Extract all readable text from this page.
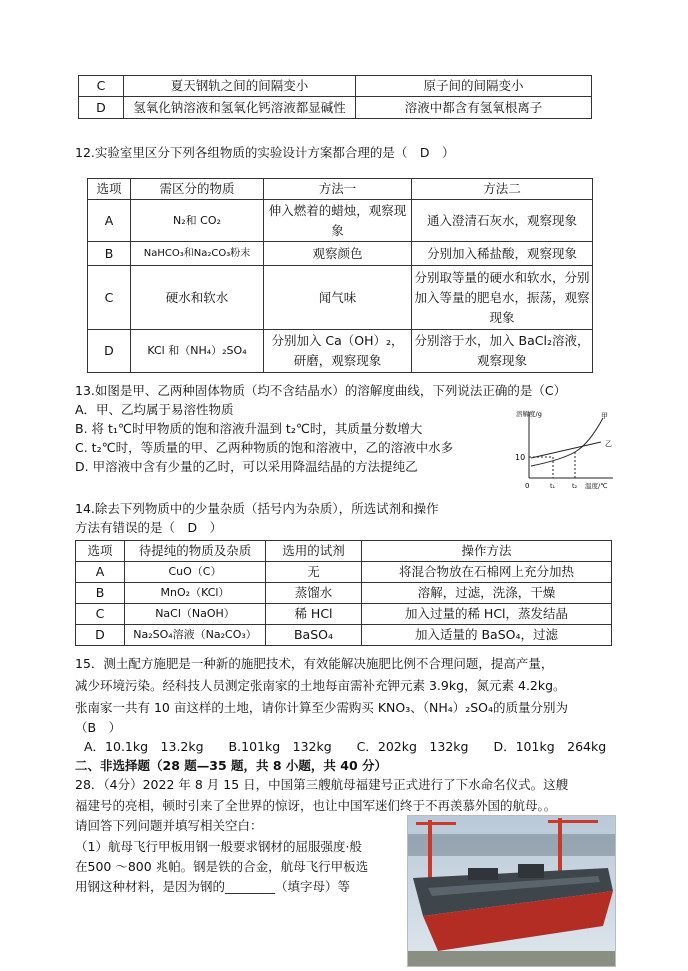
C	夏天钢轨之间的间隔变小	原子间的间隔变小
D	氢氧化钠溶液和氢氧化钙溶液都显碱性	溶液中都含有氢氧根离子
12.实验室里区分下列各组物质的实验设计方案都合理的是（　D　）
选项	需区分的物质	方法一	方法二
A	N₂和 CO₂	伸入燃着的蜡烛，观察现象	通入澄清石灰水，观察现象
B	NaHCO₃和Na₂CO₃粉末	观察颜色	分别加入稀盐酸，观察现象
C	硬水和软水	闻气味	分别取等量的硬水和软水，分别加入等量的肥皂水，振荡，观察现象
D	KCl 和（NH₄）₂SO₄	分别加入 Ca（OH）₂，研磨，观察现象	分别溶于水，加入 BaCl₂溶液，观察现象
13.如图是甲、乙两种固体物质（均不含结晶水）的溶解度曲线，下列说法正确的是（C）
A．甲、乙均属于易溶性物质
B. 将 t₁℃时甲物质的饱和溶液升温到 t₂℃时，其质量分数增大
C. t₂℃时，等质量的甲、乙两种物质的饱和溶液中，乙的溶液中水多
D. 甲溶液中含有少量的乙时，可以采用降温结晶的方法提纯乙
溶解度/g
10
0	t₁	t₂ 温度/℃
甲
乙
14.除去下列物质中的少量杂质（括号内为杂质），所选试剂和操作
方法有错误的是（　D　）
选项	待提纯的物质及杂质	选用的试剂	操作方法
A	CuO（C）	无	将混合物放在石棉网上充分加热
B	MnO₂（KCl）	蒸馏水	溶解，过滤，洗涤，干燥
C	NaCl（NaOH）	稀 HCl	加入过量的稀 HCl，蒸发结晶
D	Na₂SO₄溶液（Na₂CO₃）	BaSO₄	加入适量的 BaSO₄，过滤
15．测土配方施肥是一种新的施肥技术，有效能解决施肥比例不合理问题，提高产量，
减少环境污染。经科技人员测定张南家的土地每亩需补充钾元素 3.9kg，氮元素 4.2kg。
张南家一共有 10 亩这样的土地，请你计算至少需购买 KNO₃、（NH₄）₂SO₄的质量分别为
（B　）
A．10.1kg　13.2kg　　B.101kg　132kg　　C．202kg　132kg　　D．101kg　264kg
二、非选择题（28 题—35 题，共 8 小题，共 40 分）
28．（4分）2022 年 8 月 15 日，中国第三艘航母福建号正式进行了下水命名仪式。这艘
福建号的亮相，顿时引来了全世界的惊讶，也让中国军迷们终于不再羡慕外国的航母。。
请回答下列问题并填写相关空白：
（1）航母飞行甲板用钢一般要求钢材的屈服强度·般
在500 ～800 兆帕。钢是铁的合金，航母飞行甲板选
用钢这种材料，是因为钢的________（填字母）等
